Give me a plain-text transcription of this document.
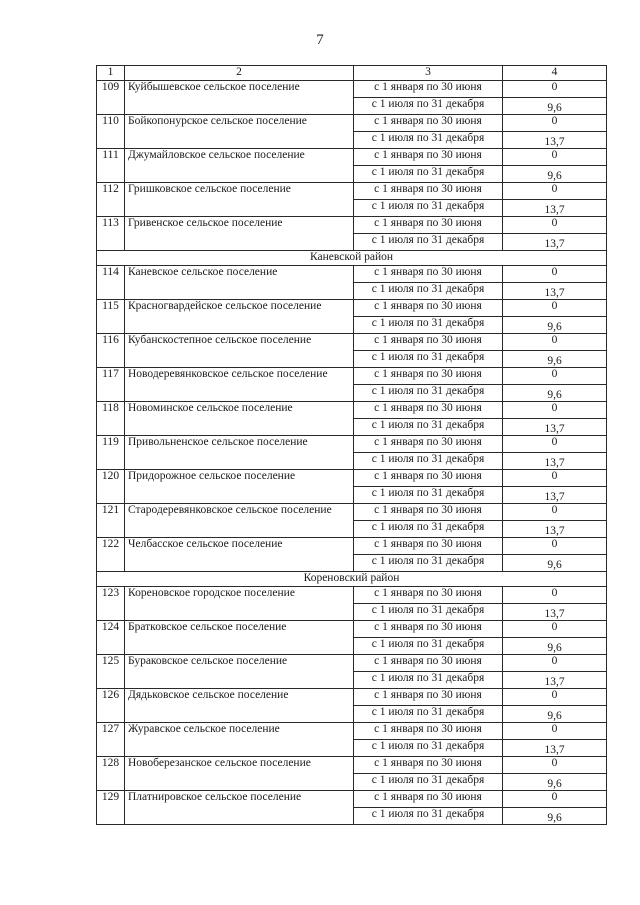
7
1	2	3	4
109	Куйбышевское сельское поселение	с 1 января по 30 июня	0
		с 1 июля по 31 декабря	9,6
110	Бойкопонурское сельское поселение	с 1 января по 30 июня	0
		с 1 июля по 31 декабря	13,7
111	Джумайловское сельское поселение	с 1 января по 30 июня	0
		с 1 июля по 31 декабря	9,6
112	Гришковское сельское поселение	с 1 января по 30 июня	0
		с 1 июля по 31 декабря	13,7
113	Гривенское сельское поселение	с 1 января по 30 июня	0
		с 1 июля по 31 декабря	13,7
Каневской район			
114	Каневское сельское поселение	с 1 января по 30 июня	0
		с 1 июля по 31 декабря	13,7
115	Красногвардейское сельское поселение	с 1 января по 30 июня	0
		с 1 июля по 31 декабря	9,6
116	Кубанскостепное сельское поселение	с 1 января по 30 июня	0
		с 1 июля по 31 декабря	9,6
117	Новодеревянковское сельское поселение	с 1 января по 30 июня	0
		с 1 июля по 31 декабря	9,6
118	Новоминское сельское поселение	с 1 января по 30 июня	0
		с 1 июля по 31 декабря	13,7
119	Привольненское сельское поселение	с 1 января по 30 июня	0
		с 1 июля по 31 декабря	13,7
120	Придорожное сельское поселение	с 1 января по 30 июня	0
		с 1 июля по 31 декабря	13,7
121	Стародеревянковское сельское поселение	с 1 января по 30 июня	0
		с 1 июля по 31 декабря	13,7
122	Челбасское сельское поселение	с 1 января по 30 июня	0
		с 1 июля по 31 декабря	9,6
Кореновский район			
123	Кореновское городское поселение	с 1 января по 30 июня	0
		с 1 июля по 31 декабря	13,7
124	Братковское сельское поселение	с 1 января по 30 июня	0
		с 1 июля по 31 декабря	9,6
125	Бураковское сельское поселение	с 1 января по 30 июня	0
		с 1 июля по 31 декабря	13,7
126	Дядьковское сельское поселение	с 1 января по 30 июня	0
		с 1 июля по 31 декабря	9,6
127	Журавское сельское поселение	с 1 января по 30 июня	0
		с 1 июля по 31 декабря	13,7
128	Новоберезанское сельское поселение	с 1 января по 30 июня	0
		с 1 июля по 31 декабря	9,6
129	Платнировское сельское поселение	с 1 января по 30 июня	0
		с 1 июля по 31 декабря	9,6
